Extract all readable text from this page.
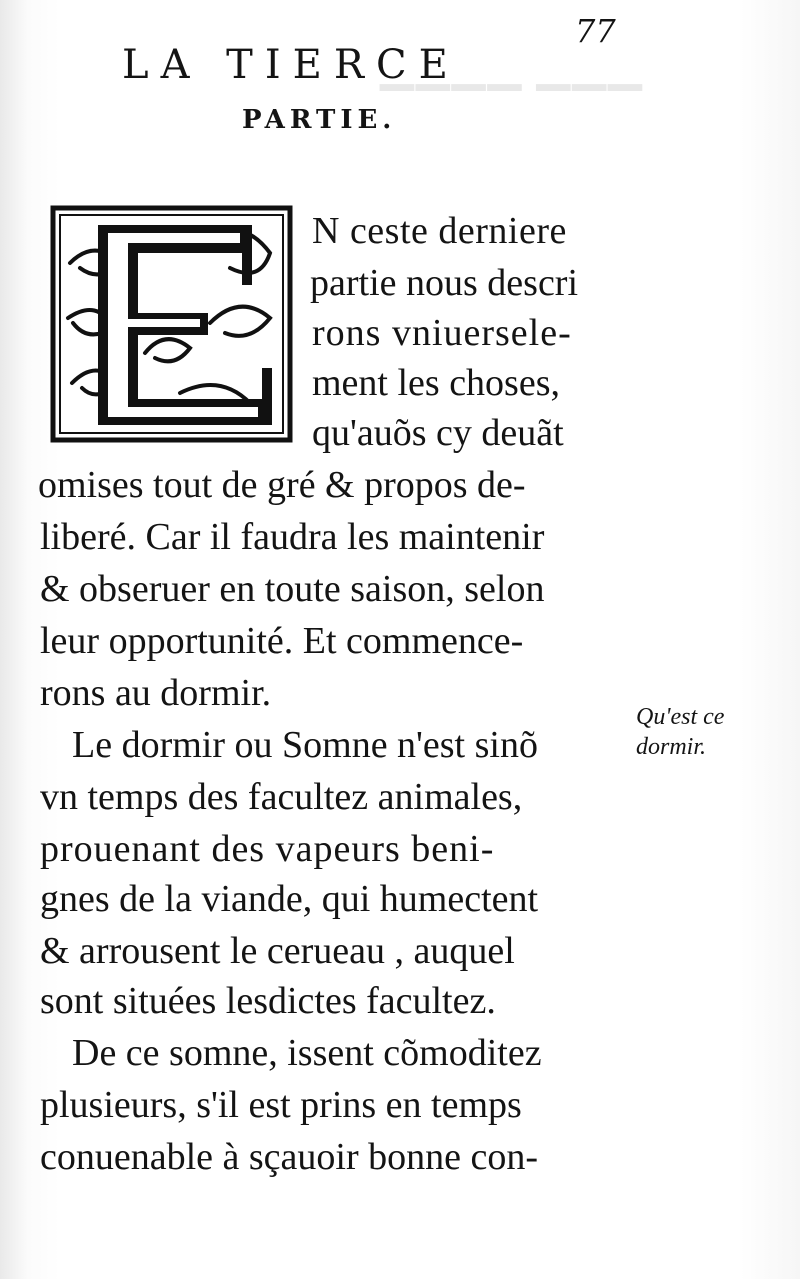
▁▁▁▁ ▁▁▁
77
LA TIERCE
PARTIE.
N ceste derniere
partie nous descri
rons vniuersele-
ment les choses,
qu'auõs cy deuãt
omises tout de gré & propos de-
liberé. Car il faudra les maintenir
& obseruer en toute saison, selon
leur opportunité. Et commence-
rons au dormir.
Le dormir ou Somne n'est sinõ
vn temps des facultez animales,
prouenant des vapeurs beni-
gnes de la viande, qui humectent
& arrousent le cerueau , auquel
sont situées lesdictes facultez.
De ce somne, issent cõmoditez
plusieurs, s'il est prins en temps
conuenable à sçauoir bonne con-
Qu'est ce
dormir.
